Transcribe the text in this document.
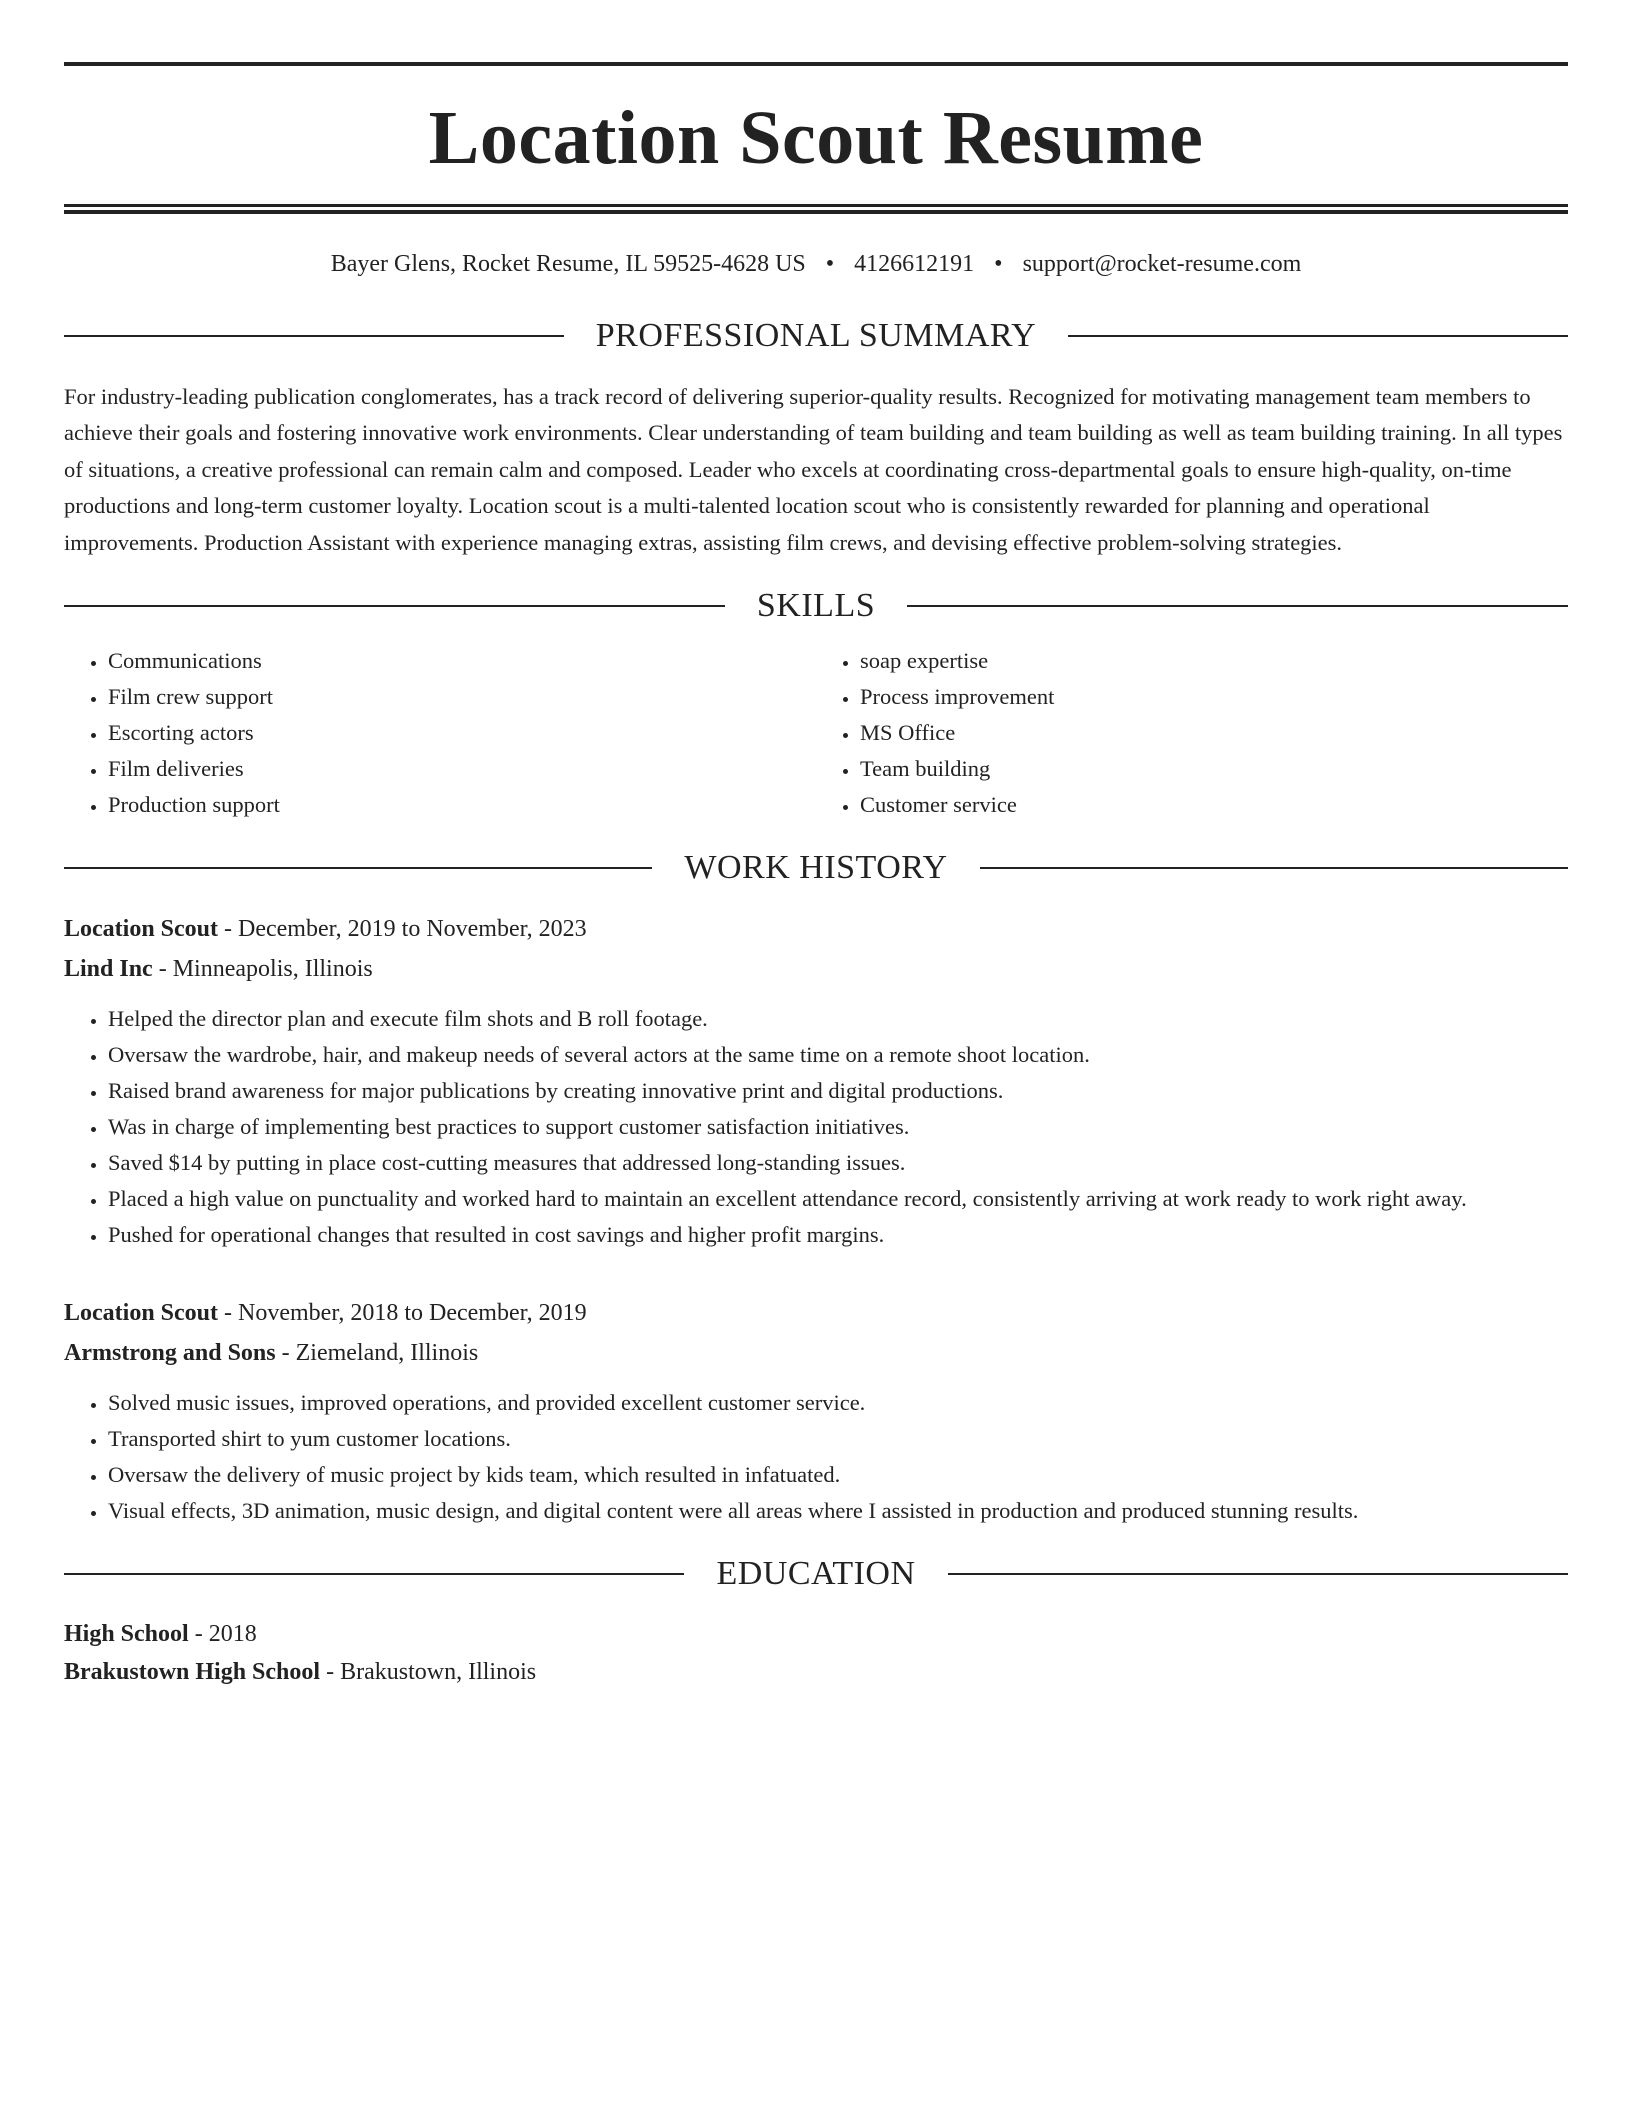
Location Scout Resume
Bayer Glens, Rocket Resume, IL 59525-4628 US • 4126612191 • support@rocket-resume.com
PROFESSIONAL SUMMARY

For industry-leading publication conglomerates, has a track record of delivering superior-quality results. Recognized for motivating management team members to achieve their goals and fostering innovative work environments. Clear understanding of team building and team building as well as team building training. In all types of situations, a creative professional can remain calm and composed. Leader who excels at coordinating cross-departmental goals to ensure high-quality, on-time productions and long-term customer loyalty. Location scout is a multi-talented location scout who is consistently rewarded for planning and operational improvements. Production Assistant with experience managing extras, assisting film crews, and devising effective problem-solving strategies.

SKILLS
• Communications
• Film crew support
• Escorting actors
• Film deliveries
• Production support
• soap expertise
• Process improvement
• MS Office
• Team building
• Customer service
WORK HISTORY
Location Scout - December, 2019 to November, 2023
Lind Inc - Minneapolis, Illinois
• Helped the director plan and execute film shots and B roll footage.
• Oversaw the wardrobe, hair, and makeup needs of several actors at the same time on a remote shoot location.
• Raised brand awareness for major publications by creating innovative print and digital productions.
• Was in charge of implementing best practices to support customer satisfaction initiatives.
• Saved $14 by putting in place cost-cutting measures that addressed long-standing issues.
• Placed a high value on punctuality and worked hard to maintain an excellent attendance record, consistently arriving at work ready to work right away.
• Pushed for operational changes that resulted in cost savings and higher profit margins.
Location Scout - November, 2018 to December, 2019
Armstrong and Sons - Ziemeland, Illinois
• Solved music issues, improved operations, and provided excellent customer service.
• Transported shirt to yum customer locations.
• Oversaw the delivery of music project by kids team, which resulted in infatuated.
• Visual effects, 3D animation, music design, and digital content were all areas where I assisted in production and produced stunning results.
EDUCATION
High School - 2018
Brakustown High School - Brakustown, Illinois
